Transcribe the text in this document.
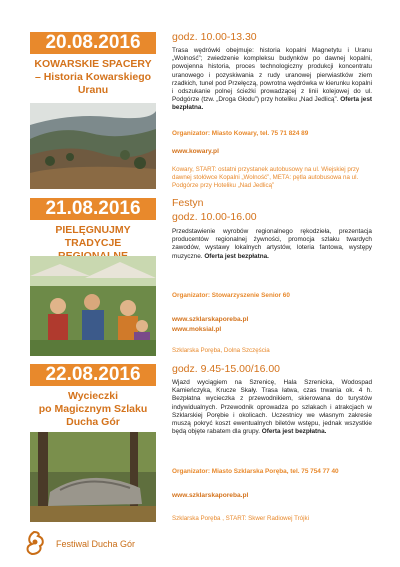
20.08.2016
KOWARSKIE SPACERY
– Historia Kowarskiego
Uranu
godz. 10.00-13.30
Trasa wędrówki obejmuje: historia kopalni Magnetytu i Uranu „Wolność”; zwiedzenie kompleksu budynków po dawnej kopalni, powojenna historia, proces technologiczny produkcji koncentratu uranowego i pozyskiwania z rudy uranowej pierwiastków ziem rzadkich, tunel pod Przełęczą, powrotna wędrówka w kierunku kopalni i odszukanie polnej ścieżki prowadzącej z linii kolejowej do ul. Podgórze (tzw. „Droga Głodu”) przy hoteliku „Nad Jedlicą”. Oferta jest bezpłatna.
Organizator: Miasto Kowary, tel. 75 71 824 89
www.kowary.pl
Kowary, START: ostatni przystanek autobusowy na ul. Wiejskiej przy dawnej stołówce Kopalni „Wolność”, META: pętla autobusowa na ul. Podgórze przy Hoteliku „Nad Jedlicą”
21.08.2016
PIELĘGNUJMY
TRADYCJE
Festyn
godz. 10.00-16.00
Przedstawienie wyrobów regionalnego rękodzieła, prezentacja producentów regionalnej żywności, promocja szlaku twardych zawodów, wystawy lokalnych artystów, loteria fantowa, występy muzyczne. Oferta jest bezpłatna.
Organizator: Stowarzyszenie Senior 60
www.szklarskaporeba.pl
www.moksial.pl
Szklarska Poręba, Dolna Szczęścia
22.08.2016
Wycieczki
po Magicznym Szlaku
Ducha Gór
godz. 9.45-15.00/16.00
Wjazd wyciągiem na Szrenicę, Hala Szrenicka, Wodospad Kamieńczyka, Krucze Skały. Trasa łatwa, czas trwania ok. 4 h. Bezpłatna wycieczka z przewodnikiem, skierowana do turystów indywidualnych. Przewodnik oprowadza po szlakach i atrakcjach w Szklarskiej Porębie i okolicach. Uczestnicy we własnym zakresie muszą pokryć koszt ewentualnych biletów wstępu, jednak wszystkie będą objęte rabatem dla grupy. Oferta jest bezpłatna.
Organizator: Miasto Szklarska Poręba, tel. 75 754 77 40
www.szklarskaporeba.pl
Szklarska Poręba , START: Skwer Radiowej Trójki
Festiwal Ducha Gór
